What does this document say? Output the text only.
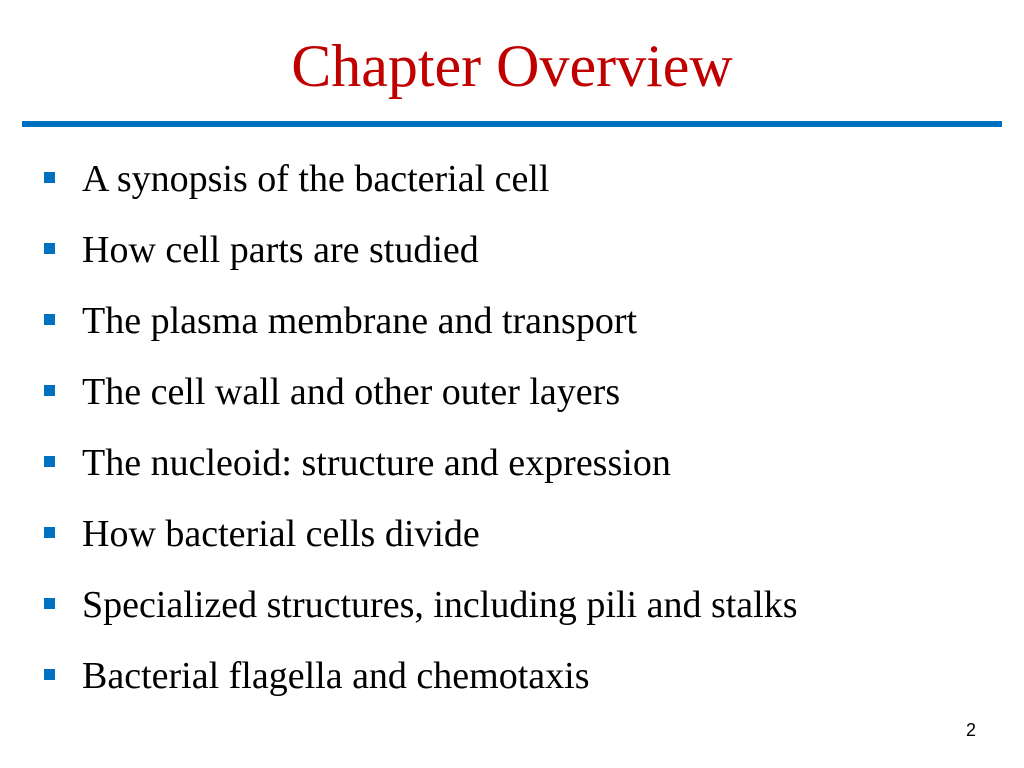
Chapter Overview
A synopsis of the bacterial cell
How cell parts are studied
The plasma membrane and transport
The cell wall and other outer layers
The nucleoid: structure and expression
How bacterial cells divide
Specialized structures, including pili and stalks
Bacterial flagella and chemotaxis
2
